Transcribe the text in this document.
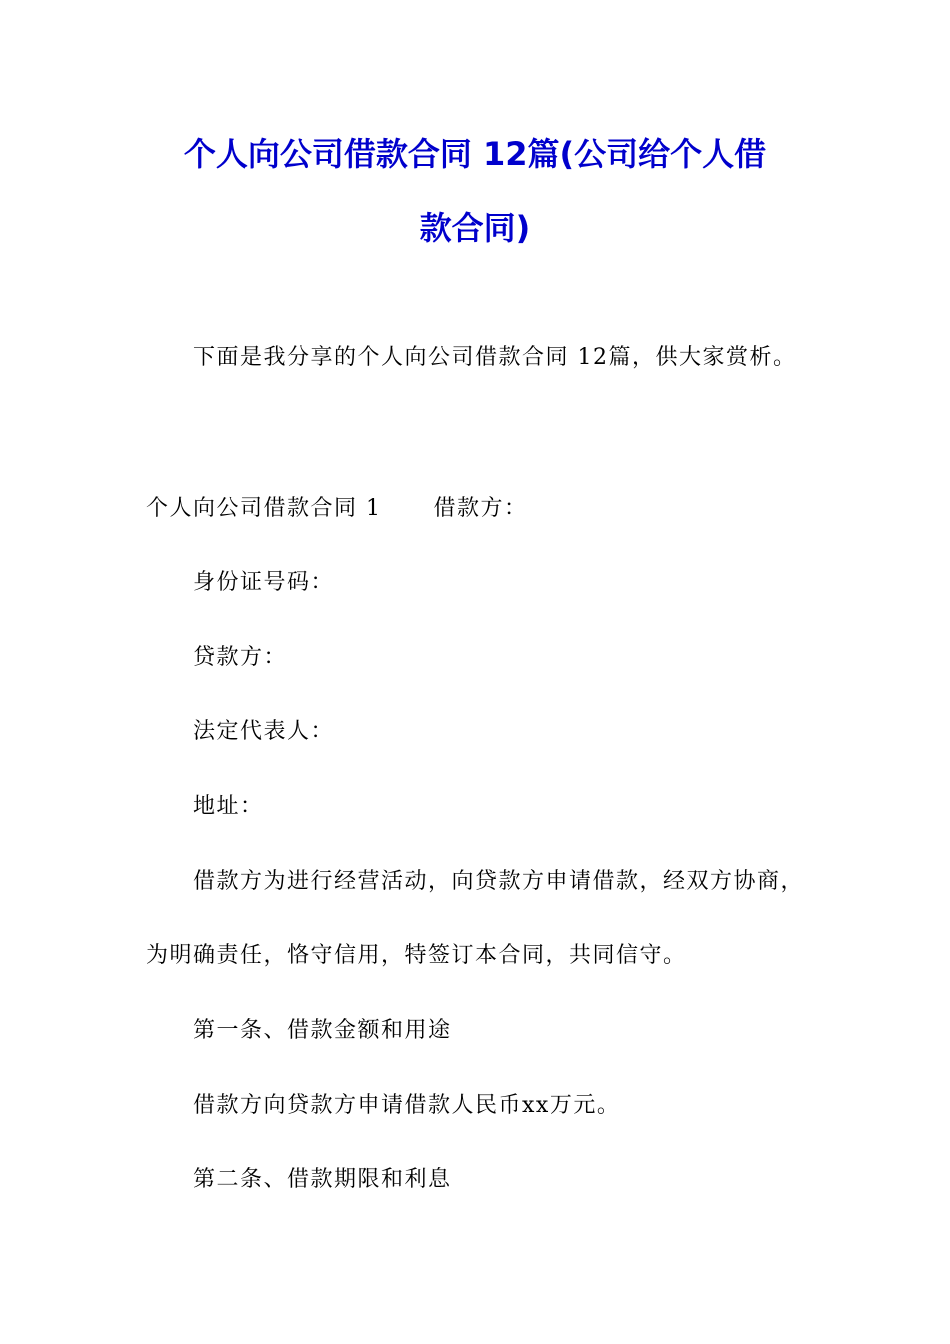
个人向公司借款合同 12篇(公司给个人借
款合同)
下面是我分享的个人向公司借款合同 12篇，供大家赏析。
个人向公司借款合同 1 借款方：
身份证号码：
贷款方：
法定代表人：
地址：
借款方为进行经营活动，向贷款方申请借款，经双方协商，
为明确责任，恪守信用，特签订本合同，共同信守。
第一条、借款金额和用途
借款方向贷款方申请借款人民币xx万元。
第二条、借款期限和利息
